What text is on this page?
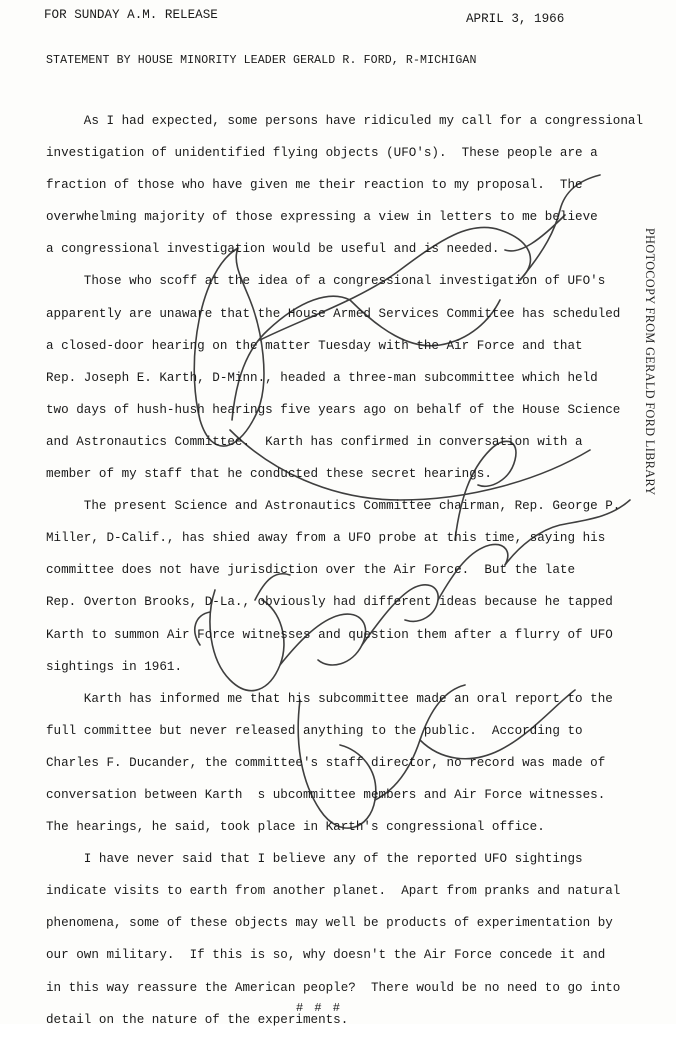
FOR SUNDAY A.M. RELEASE	APRIL 3, 1966
STATEMENT BY HOUSE MINORITY LEADER GERALD R. FORD, R-MICHIGAN
As I had expected, some persons have ridiculed my call for a congressional
investigation of unidentified flying objects (UFO's).  These people are a
fraction of those who have given me their reaction to my proposal.  The
overwhelming majority of those expressing a view in letters to me believe
a congressional investigation would be useful and is needed.
Those who scoff at the idea of a congressional investigation of UFO's
apparently are unaware that the House Armed Services Committee has scheduled
a closed-door hearing on the matter Tuesday with the Air Force and that
Rep. Joseph E. Karth, D-Minn., headed a three-man subcommittee which held
two days of hush-hush hearings five years ago on behalf of the House Science
and Astronautics Committee.  Karth has confirmed in conversation with a
member of my staff that he conducted these secret hearings.
The present Science and Astronautics Committee chairman, Rep. George P.
Miller, D-Calif., has shied away from a UFO probe at this time, saying his
committee does not have jurisdiction over the Air Force.  But the late
Rep. Overton Brooks, D-La., obviously had different ideas because he tapped
Karth to summon Air Force witnesses and question them after a flurry of UFO
sightings in 1961.
Karth has informed me that his subcommittee made an oral report to the
full committee but never released anything to the public.  According to
Charles F. Ducander, the committee's staff director, no record was made of
conversation between Karth  s ubcommittee members and Air Force witnesses.
The hearings, he said, took place in Karth's congressional office.
I have never said that I believe any of the reported UFO sightings
indicate visits to earth from another planet.  Apart from pranks and natural
phenomena, some of these objects may well be products of experimentation by
our own military.  If this is so, why doesn't the Air Force concede it and
in this way reassure the American people?  There would be no need to go into
detail on the nature of the experiments.
# # #
PHOTOCOPY FROM GERALD FORD LIBRARY
